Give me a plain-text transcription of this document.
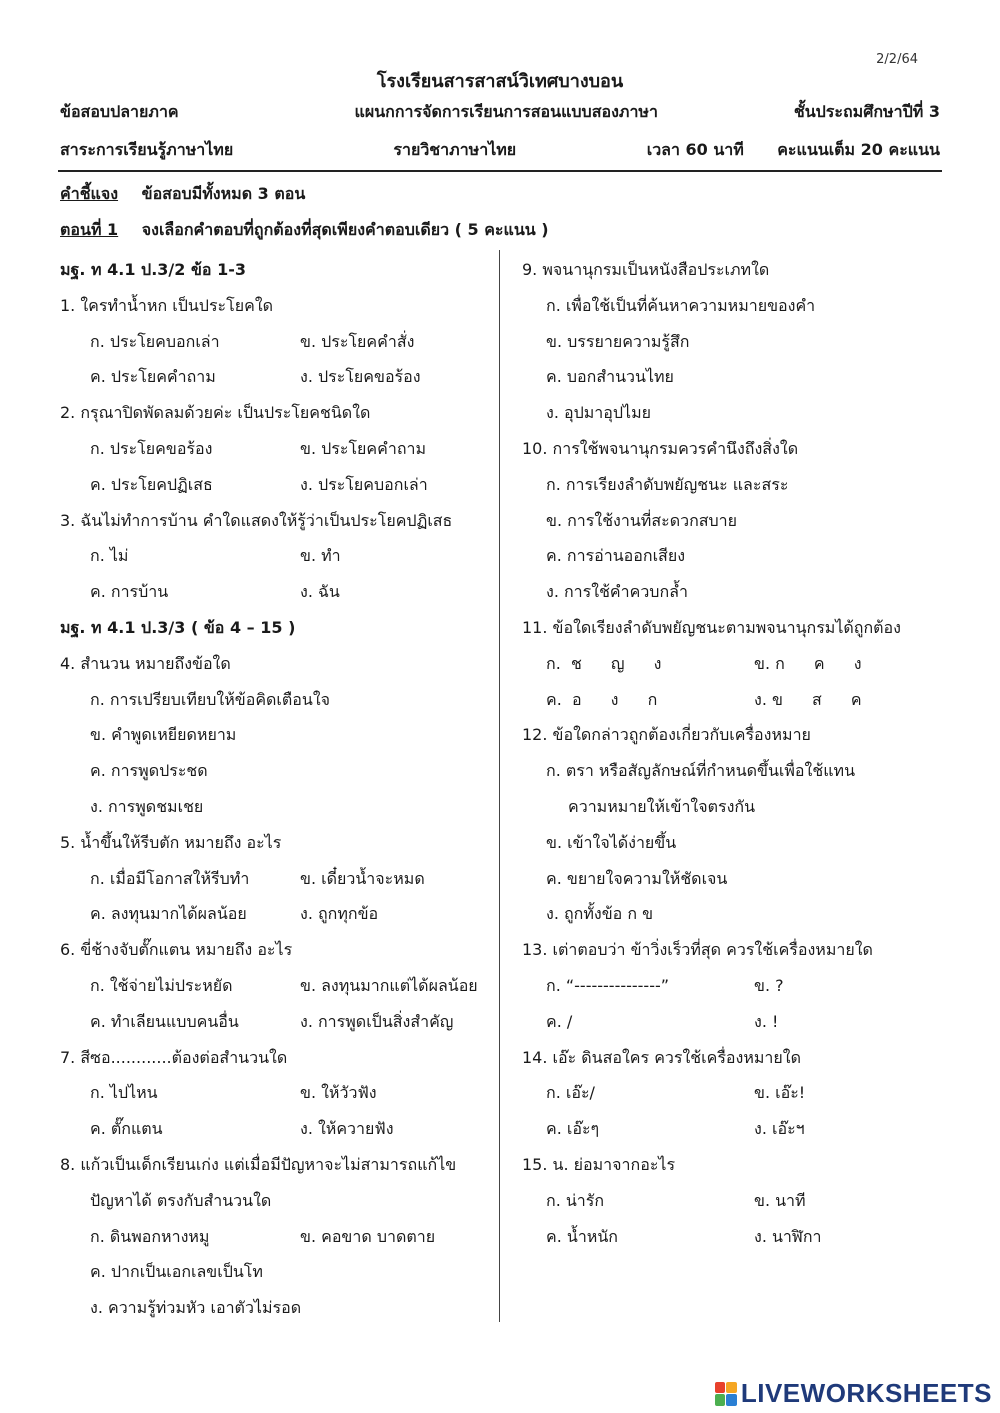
2/2/64
โรงเรียนสารสาสน์วิเทศบางบอน
ข้อสอบปลายภาค	แผนกการจัดการเรียนการสอนแบบสองภาษา	ชั้นประถมศึกษาปีที่ 3
สาระการเรียนรู้ภาษาไทย	รายวิชาภาษาไทย	เวลา 60 นาที คะแนนเต็ม 20 คะแนน
คำชี้แจง ข้อสอบมีทั้งหมด 3 ตอน
ตอนที่ 1 จงเลือกคำตอบที่ถูกต้องที่สุดเพียงคำตอบเดียว ( 5 คะแนน )
มฐ. ท 4.1 ป.3/2 ข้อ 1-3
1. ใครทำน้ำหก เป็นประโยคใด
ก. ประโยคบอกเล่า	ข. ประโยคคำสั่ง
ค. ประโยคคำถาม	ง. ประโยคขอร้อง
2. กรุณาปิดพัดลมด้วยค่ะ เป็นประโยคชนิดใด
ก. ประโยคขอร้อง	ข. ประโยคคำถาม
ค. ประโยคปฏิเสธ	ง. ประโยคบอกเล่า
3. ฉันไม่ทำการบ้าน คำใดแสดงให้รู้ว่าเป็นประโยคปฏิเสธ
ก. ไม่	ข. ทำ
ค. การบ้าน	ง. ฉัน
มฐ. ท 4.1 ป.3/3 ( ข้อ 4 – 15 )
4. สำนวน หมายถึงข้อใด
ก. การเปรียบเทียบให้ข้อคิดเตือนใจ
ข. คำพูดเหยียดหยาม
ค. การพูดประชด
ง. การพูดชมเชย
5. น้ำขึ้นให้รีบตัก หมายถึง อะไร
ก. เมื่อมีโอกาสให้รีบทำ	ข. เดี๋ยวน้ำจะหมด
ค. ลงทุนมากได้ผลน้อย	ง. ถูกทุกข้อ
6. ขี่ช้างจับตั๊กแตน หมายถึง อะไร
ก. ใช้จ่ายไม่ประหยัด	ข. ลงทุนมากแต่ได้ผลน้อย
ค. ทำเลียนแบบคนอื่น	ง. การพูดเป็นสิ่งสำคัญ
7. สีซอ............ต้องต่อสำนวนใด
ก. ไปไหน	ข. ให้วัวฟัง
ค. ตั๊กแตน	ง. ให้ควายฟัง
8. แก้วเป็นเด็กเรียนเก่ง แต่เมื่อมีปัญหาจะไม่สามารถแก้ไข
ปัญหาได้ ตรงกับสำนวนใด
ก. ดินพอกหางหมู	ข. คอขาด บาดตาย
ค. ปากเป็นเอกเลขเป็นโท
ง. ความรู้ท่วมหัว เอาตัวไม่รอด
9. พจนานุกรมเป็นหนังสือประเภทใด
ก. เพื่อใช้เป็นที่ค้นหาความหมายของคำ
ข. บรรยายความรู้สึก
ค. บอกสำนวนไทย
ง. อุปมาอุปไมย
10. การใช้พจนานุกรมควรคำนึงถึงสิ่งใด
ก. การเรียงลำดับพยัญชนะ และสระ
ข. การใช้งานที่สะดวกสบาย
ค. การอ่านออกเสียง
ง. การใช้คำควบกล้ำ
11. ข้อใดเรียงลำดับพยัญชนะตามพจนานุกรมได้ถูกต้อง
ก. ช ญ ง	ข. ก ค ง
ค. อ ง ก	ง. ข ส ค
12. ข้อใดกล่าวถูกต้องเกี่ยวกับเครื่องหมาย
ก. ตรา หรือสัญลักษณ์ที่กำหนดขึ้นเพื่อใช้แทน
ความหมายให้เข้าใจตรงกัน
ข. เข้าใจได้ง่ายขึ้น
ค. ขยายใจความให้ชัดเจน
ง. ถูกทั้งข้อ ก ข
13. เต่าตอบว่า ข้าวิ่งเร็วที่สุด ควรใช้เครื่องหมายใด
ก. “---------------”	ข. ?
ค. /	ง. !
14. เอ๊ะ ดินสอใคร ควรใช้เครื่องหมายใด
ก. เอ๊ะ/	ข. เอ๊ะ!
ค. เอ๊ะๆ	ง. เอ๊ะฯ
15. น. ย่อมาจากอะไร
ก. น่ารัก	ข. นาที
ค. น้ำหนัก	ง. นาฬิกา
LIVEWORKSHEETS
